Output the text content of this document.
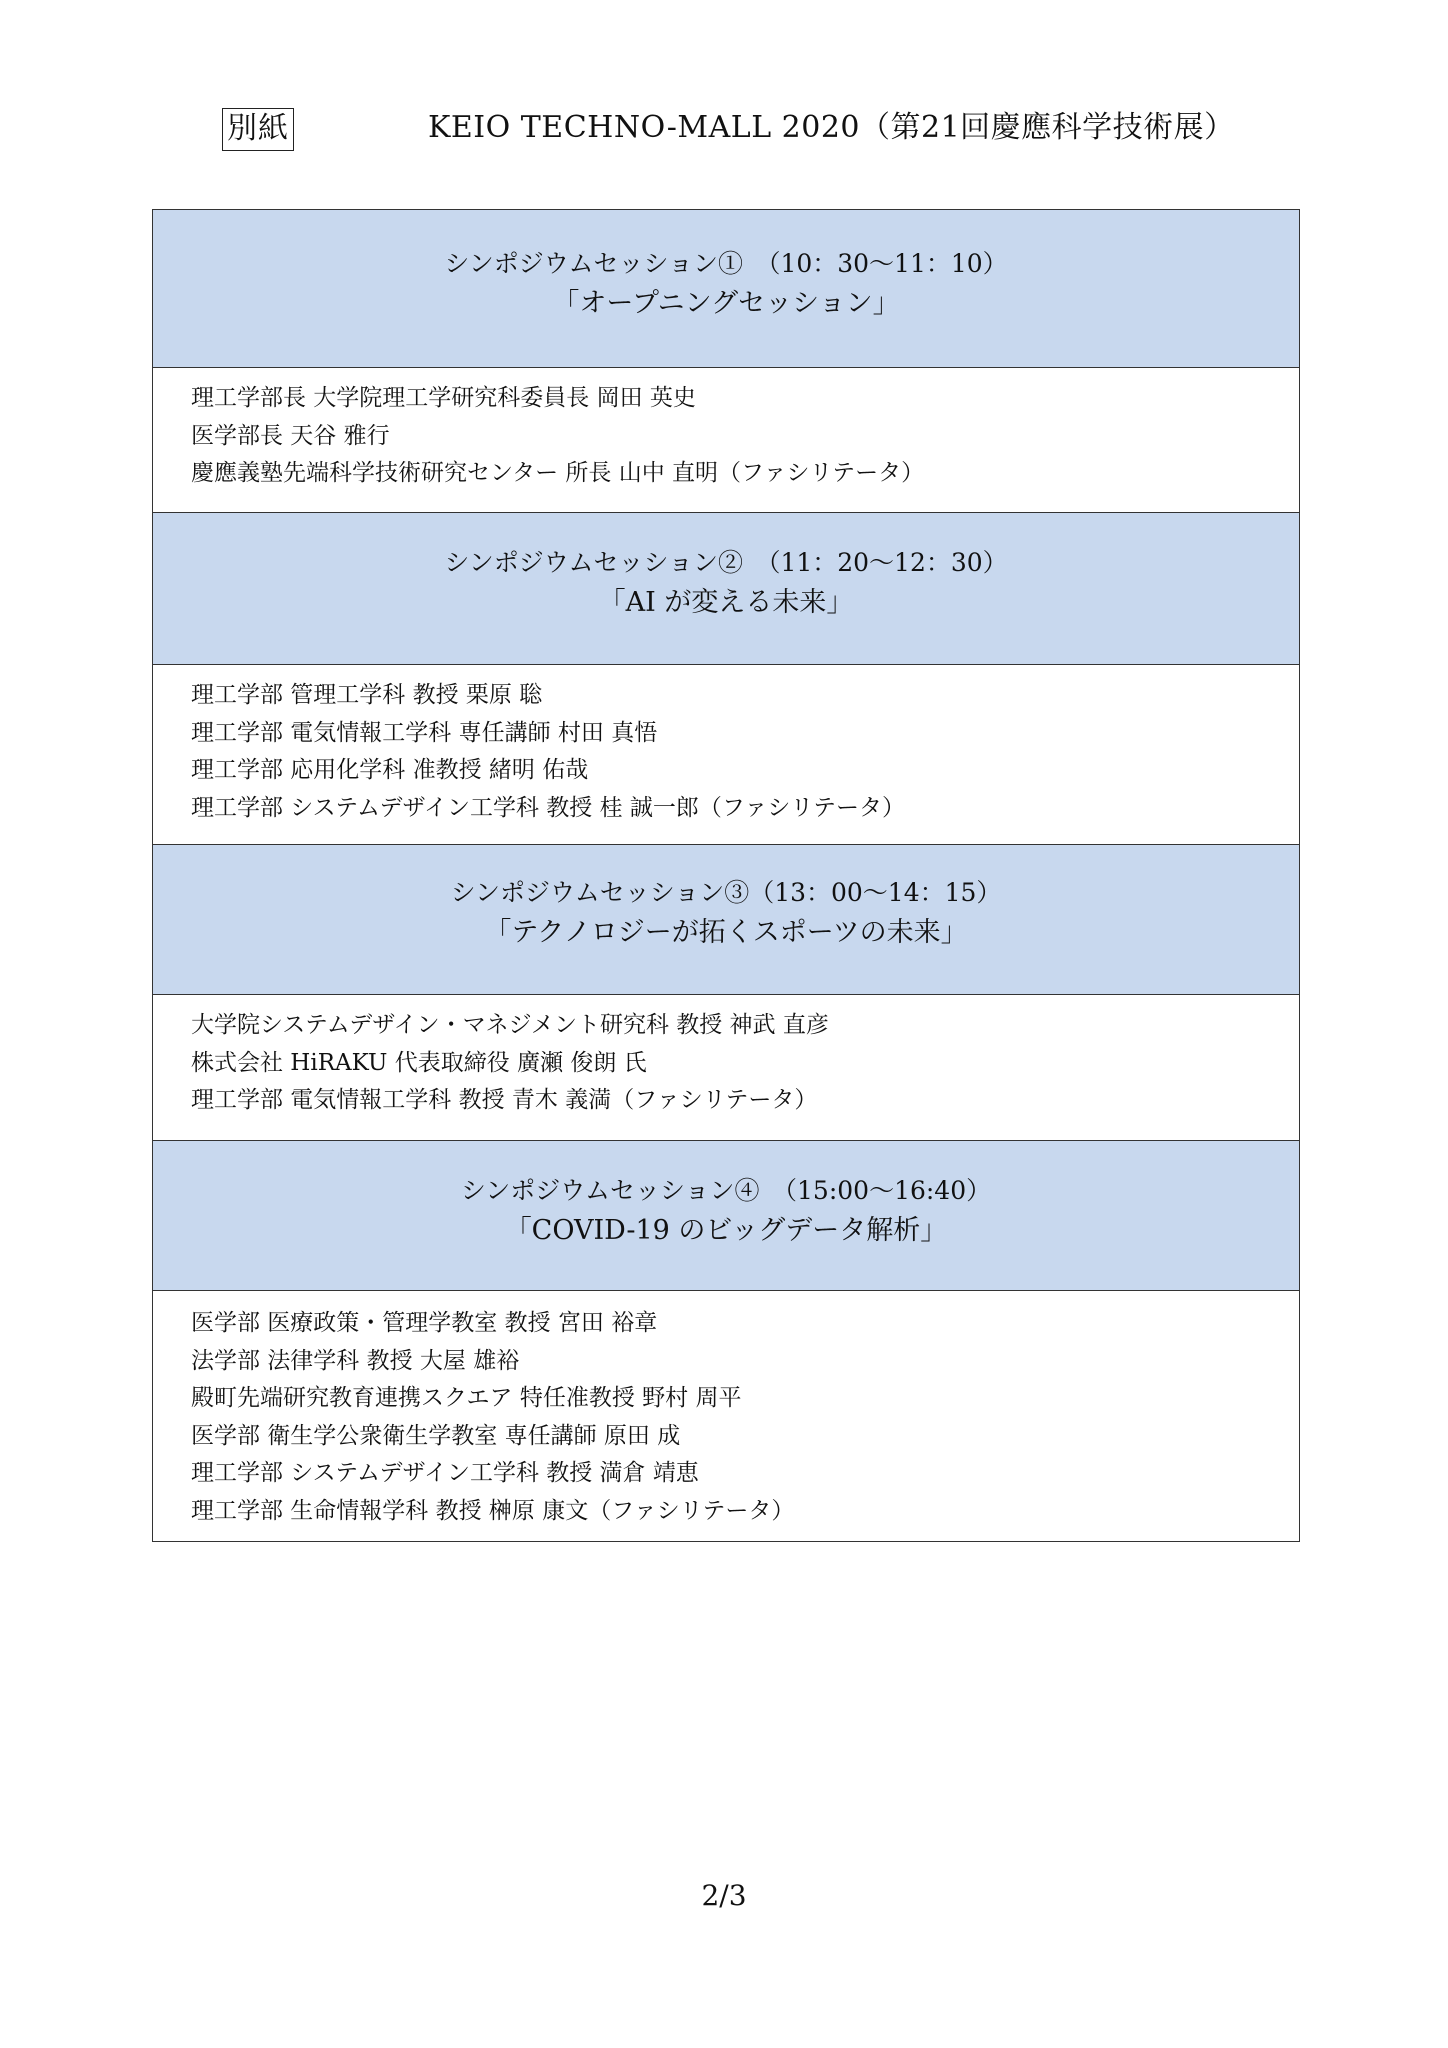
別紙	KEIO TECHNO-MALL 2020（第21回慶應科学技術展）
シンポジウムセッション①　（10：30〜11：10）
「オープニングセッション」
理工学部長 大学院理工学研究科委員長 岡田 英史
医学部長 天谷 雅行
慶應義塾先端科学技術研究センター 所長 山中 直明（ファシリテータ）
シンポジウムセッション②　（11：20〜12：30）
「AI が変える未来」
理工学部 管理工学科 教授 栗原 聡
理工学部 電気情報工学科 専任講師 村田 真悟
理工学部 応用化学科 准教授 緒明 佑哉
理工学部 システムデザイン工学科 教授 桂 誠一郎（ファシリテータ）
シンポジウムセッション③（13：00〜14：15）
「テクノロジーが拓くスポーツの未来」
大学院システムデザイン・マネジメント研究科 教授 神武 直彦
株式会社 HiRAKU 代表取締役 廣瀬 俊朗 氏
理工学部 電気情報工学科 教授 青木 義満（ファシリテータ）
シンポジウムセッション④　（15:00〜16:40）
「COVID-19 のビッグデータ解析」
医学部 医療政策・管理学教室 教授 宮田 裕章
法学部 法律学科 教授 大屋 雄裕
殿町先端研究教育連携スクエア 特任准教授 野村 周平
医学部 衛生学公衆衛生学教室 専任講師 原田 成
理工学部 システムデザイン工学科 教授 満倉 靖恵
理工学部 生命情報学科 教授 榊原 康文（ファシリテータ）
2/3
